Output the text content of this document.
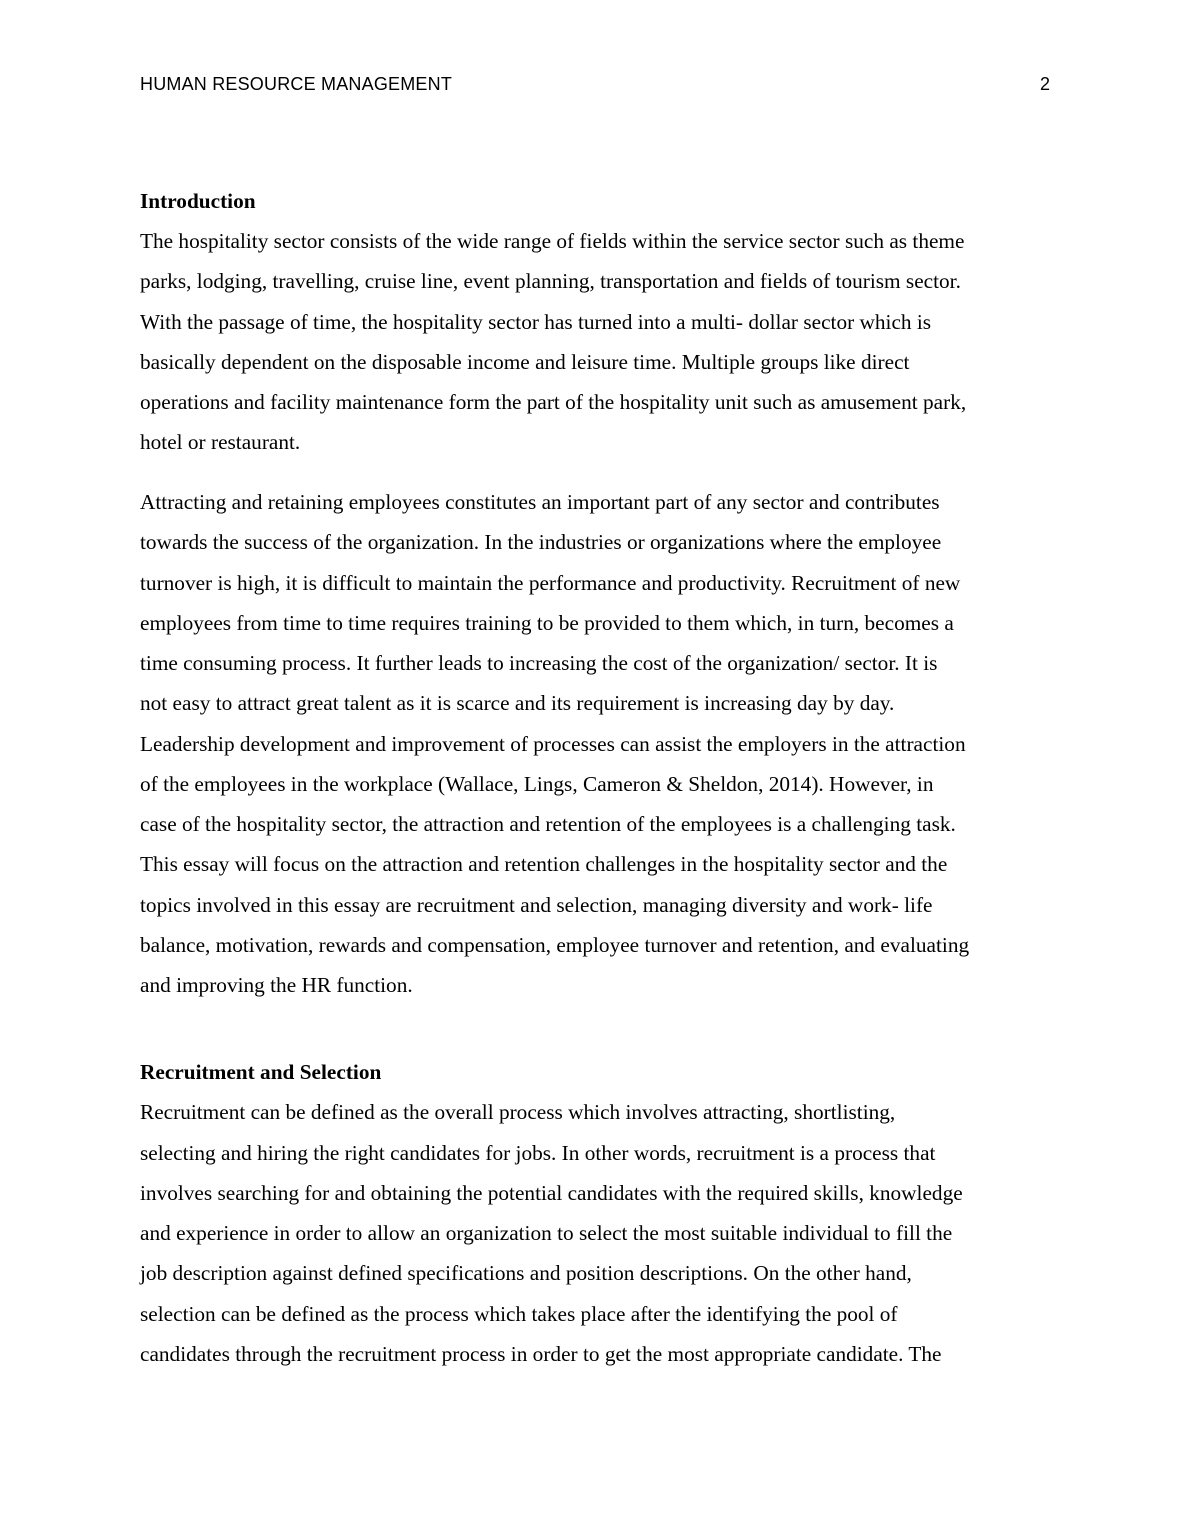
HUMAN RESOURCE MANAGEMENT	2
Introduction
The hospitality sector consists of the wide range of fields within the service sector such as theme
parks, lodging, travelling, cruise line, event planning, transportation and fields of tourism sector.
With the passage of time, the hospitality sector has turned into a multi- dollar sector which is
basically dependent on the disposable income and leisure time. Multiple groups like direct
operations and facility maintenance form the part of the hospitality unit such as amusement park,
hotel or restaurant.
Attracting and retaining employees constitutes an important part of any sector and contributes
towards the success of the organization. In the industries or organizations where the employee
turnover is high, it is difficult to maintain the performance and productivity. Recruitment of new
employees from time to time requires training to be provided to them which, in turn, becomes a
time consuming process. It further leads to increasing the cost of the organization/ sector. It is
not easy to attract great talent as it is scarce and its requirement is increasing day by day.
Leadership development and improvement of processes can assist the employers in the attraction
of the employees in the workplace (Wallace, Lings, Cameron & Sheldon, 2014). However, in
case of the hospitality sector, the attraction and retention of the employees is a challenging task.
This essay will focus on the attraction and retention challenges in the hospitality sector and the
topics involved in this essay are recruitment and selection, managing diversity and work- life
balance, motivation, rewards and compensation, employee turnover and retention, and evaluating
and improving the HR function.
Recruitment and Selection
Recruitment can be defined as the overall process which involves attracting, shortlisting,
selecting and hiring the right candidates for jobs. In other words, recruitment is a process that
involves searching for and obtaining the potential candidates with the required skills, knowledge
and experience in order to allow an organization to select the most suitable individual to fill the
job description against defined specifications and position descriptions. On the other hand,
selection can be defined as the process which takes place after the identifying the pool of
candidates through the recruitment process in order to get the most appropriate candidate. The
